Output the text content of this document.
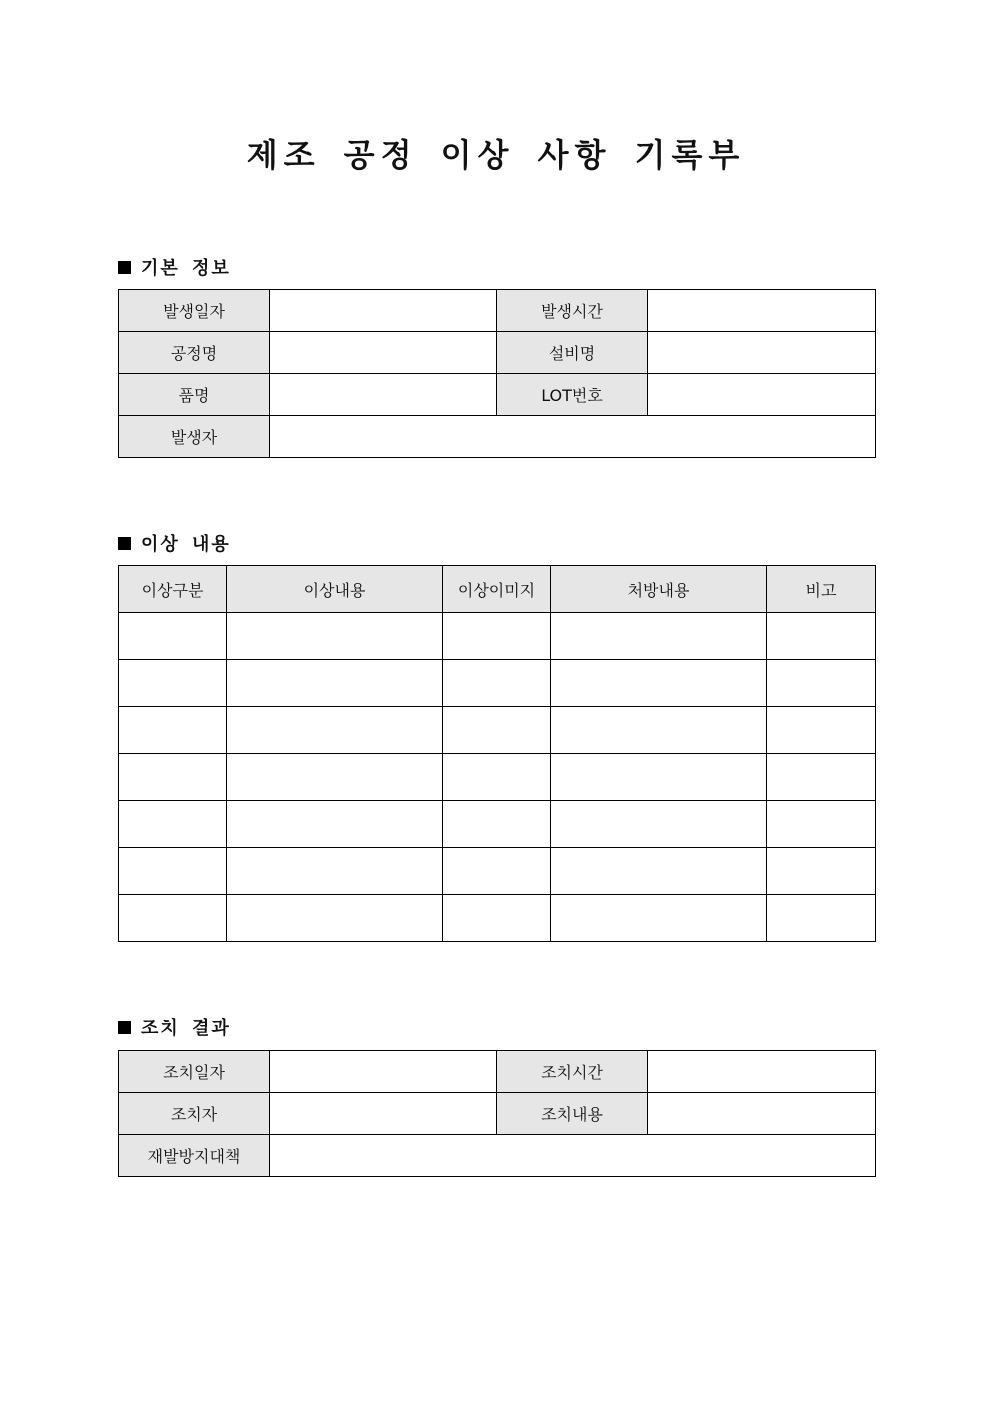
제조 공정 이상 사항 기록부
기본 정보
발생일자		발생시간	
공정명		설비명	
품명		LOT번호	
발생자			
이상 내용
이상구분	이상내용	이상이미지	처방내용	비고

조치 결과
조치일자		조치시간	
조치자		조치내용	
재발방지대책			
